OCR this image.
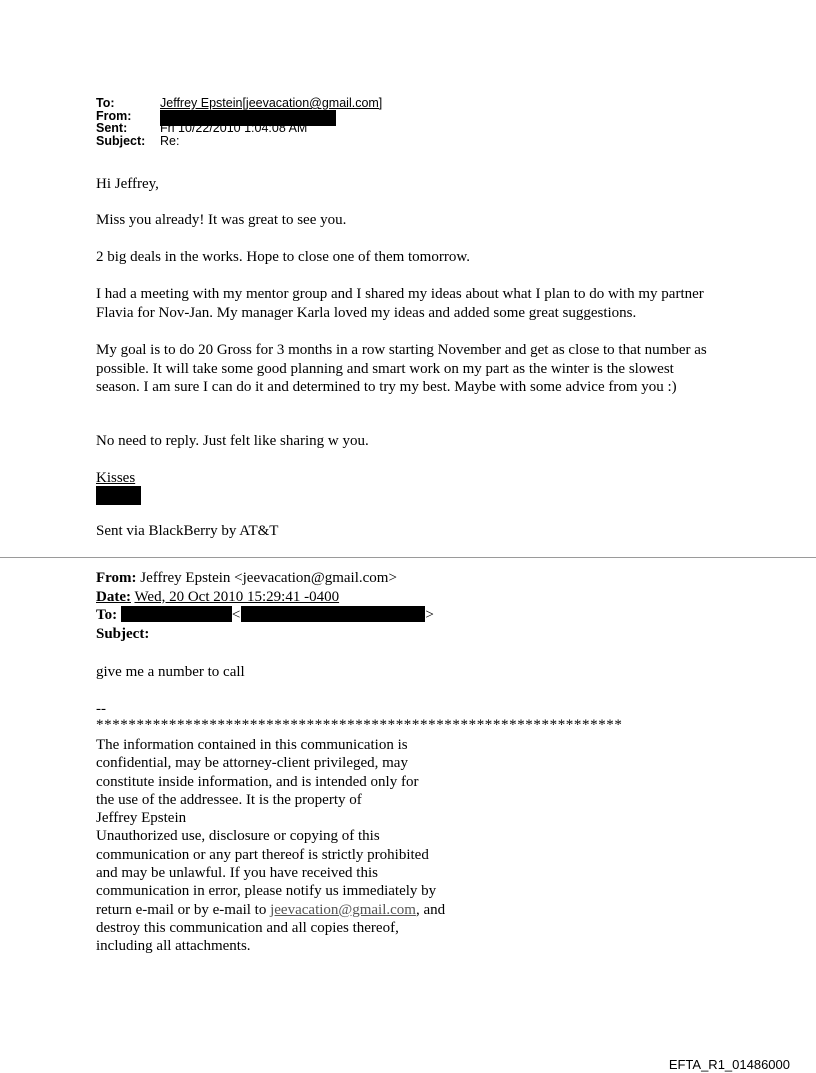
To:	Jeffrey Epstein[jeevacation@gmail.com]
From:
Sent:	Fri 10/22/2010 1:04:08 AM
Subject: Re:

Hi Jeffrey,

Miss you already! It was great to see you.

2 big deals in the works. Hope to close one of them tomorrow.

I had a meeting with my mentor group and I shared my ideas about what I plan to do with my partner Flavia for Nov-Jan. My manager Karla loved my ideas and added some great suggestions.

My goal is to do 20 Gross for 3 months in a row starting November and get as close to that number as possible. It will take some good planning and smart work on my part as the winter is the slowest season. I am sure I can do it and determined to try my best. Maybe with some advice from you :)

No need to reply. Just felt like sharing w you.

Kisses

Sent via BlackBerry by AT&T

From: Jeffrey Epstein <jeevacation@gmail.com>
Date: Wed, 20 Oct 2010 15:29:41 -0400
To:	<	>
Subject:

give me a number to call

--

*****************************************************************

The information contained in this communication is
confidential, may be attorney-client privileged, may
constitute inside information, and is intended only for
the use of the addressee. It is the property of
Jeffrey Epstein
Unauthorized use, disclosure or copying of this
communication or any part thereof is strictly prohibited
and may be unlawful. If you have received this
communication in error, please notify us immediately by
return e-mail or by e-mail to jeevacation@gmail.com, and
destroy this communication and all copies thereof,
including all attachments.
EFTA_R1_01486000
